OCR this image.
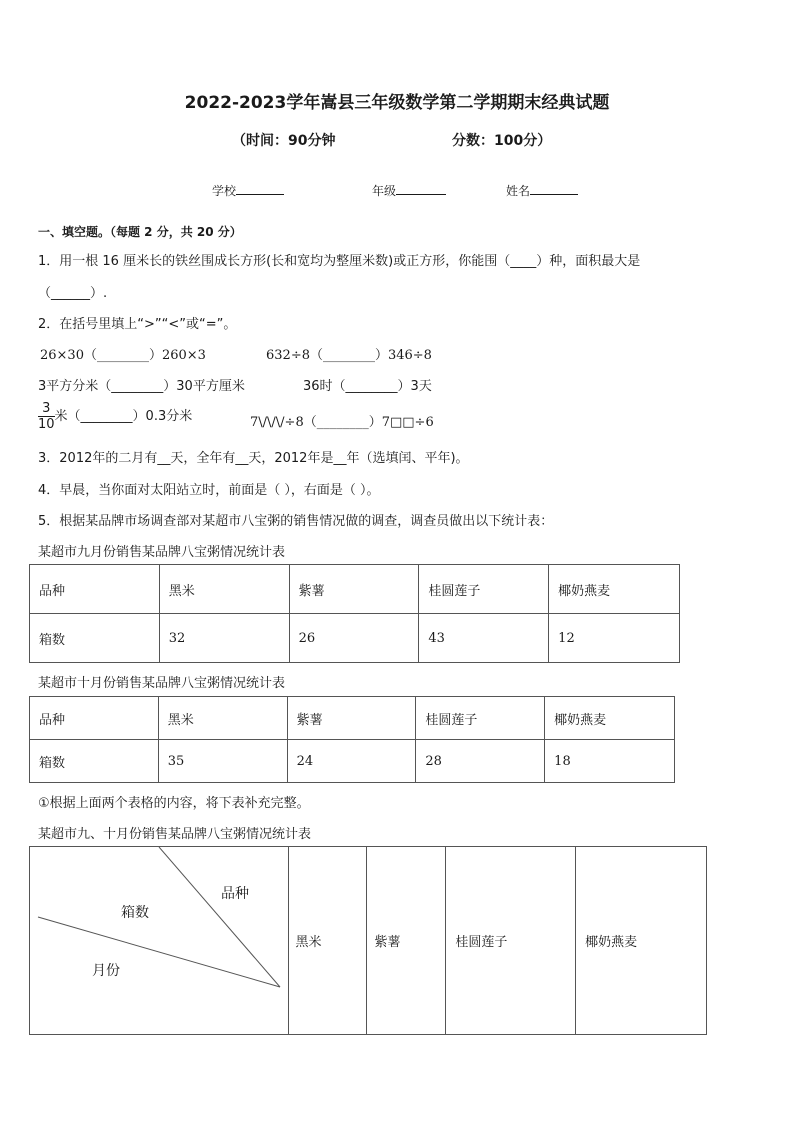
2022-2023学年嵩县三年级数学第二学期期末经典试题
（时间：90分钟	分数：100分）
学校	年级	姓名
一、填空题。（每题 2 分，共 20 分）
1．用一根 16 厘米长的铁丝围成长方形(长和宽均为整厘米数)或正方形，你能围（____）种，面积最大是
（______）.
2．在括号里填上“>”“<”或“=”。
26×30（________）260×3	632÷8（________）346÷8
3平方分米（________）30平方厘米	36时（________）3天
$\frac{3}{10}$ 米（________）0.3分米	7\/\/\/÷8（________）7□□÷6
3．2012年的二月有__天，全年有__天，2012年是__年（选填闰、平年)。
4．早晨，当你面对太阳站立时，前面是（ ），右面是（ ）。
5．根据某品牌市场调查部对某超市八宝粥的销售情况做的调查，调查员做出以下统计表：
某超市九月份销售某品牌八宝粥情况统计表
品种	黑米	紫薯	桂圆莲子	椰奶燕麦
箱数	32	26	43	12
某超市十月份销售某品牌八宝粥情况统计表
品种	黑米	紫薯	桂圆莲子	椰奶燕麦
箱数	35	24	28	18
①根据上面两个表格的内容，将下表补充完整。
某超市九、十月份销售某品牌八宝粥情况统计表
品种
箱数
月份
	黑米	紫薯	桂圆莲子	椰奶燕麦
